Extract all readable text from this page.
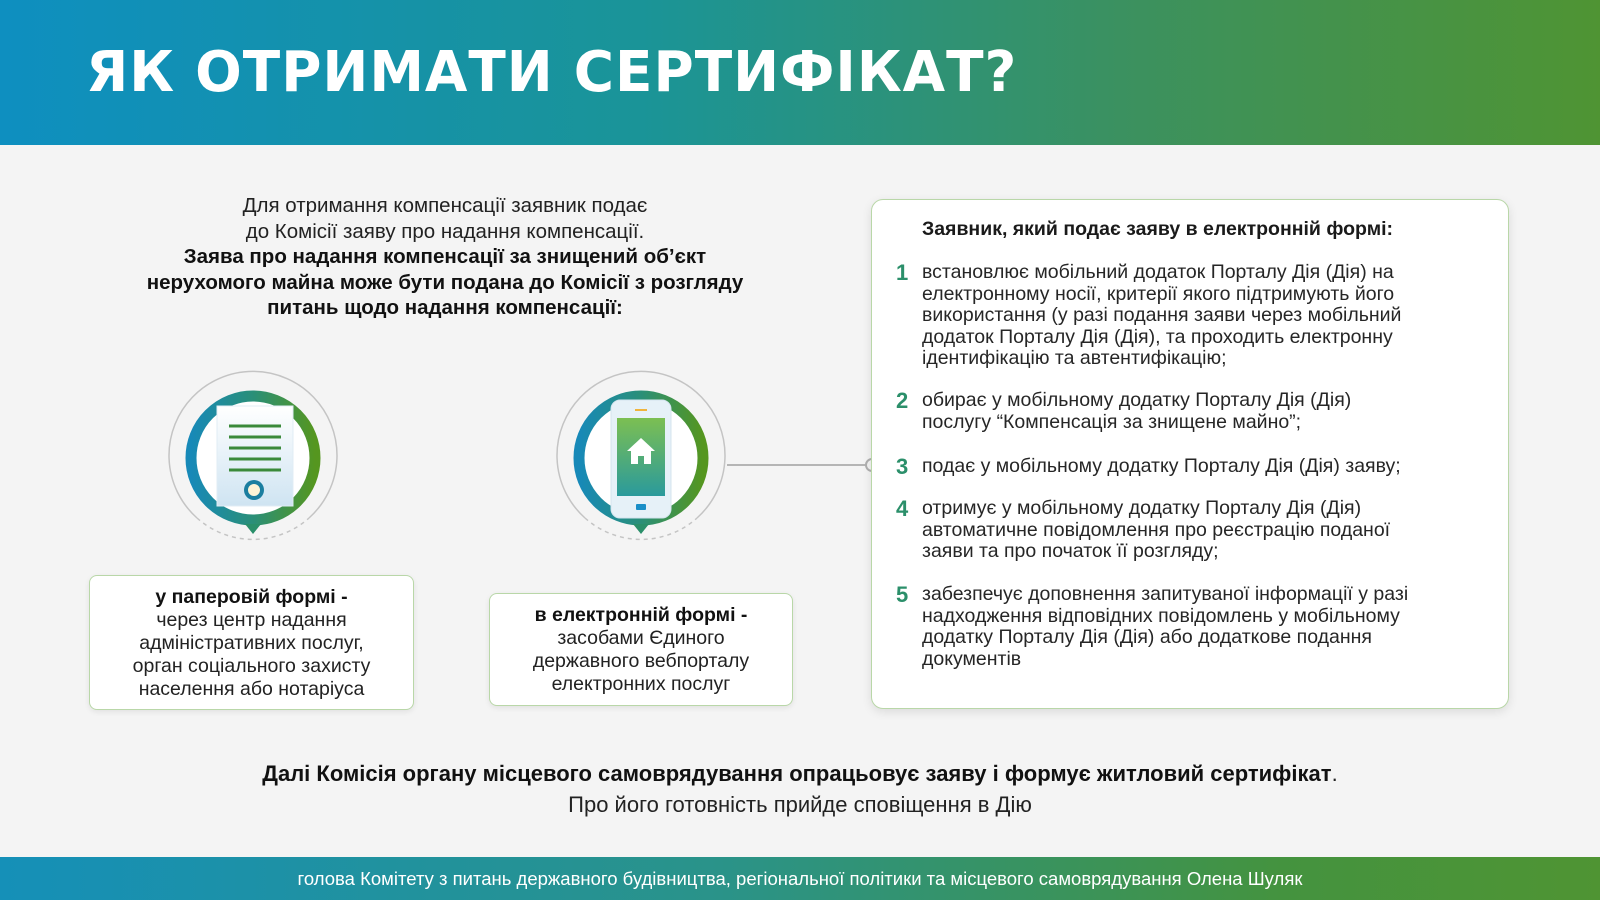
ЯК ОТРИМАТИ СЕРТИФІКАТ?
Для отримання компенсації заявник подає
до Комісії заяву про надання компенсації.
Заява про надання компенсації за знищений об’єкт
нерухомого майна може бути подана до Комісії з розгляду
питань щодо надання компенсації:
у паперовій формі -
через центр надання
адміністративних послуг,
орган соціального захисту
населення або нотаріуса
в електронній формі -
засобами Єдиного
державного вебпорталу
електронних послуг
Заявник, який подає заяву в електронній формі:
1 встановлює мобільний додаток Порталу Дія (Дія) на
електронному носії, критерії якого підтримують його
використання (у разі подання заяви через мобільний
додаток Порталу Дія (Дія), та проходить електронну
ідентифікацію та автентифікацію;
2 обирає у мобільному додатку Порталу Дія (Дія)
послугу “Компенсація за знищене майно”;
3 подає у мобільному додатку Порталу Дія (Дія) заяву;
4 отримує у мобільному додатку Порталу Дія (Дія)
автоматичне повідомлення про реєстрацію поданої
заяви та про початок її розгляду;
5 забезпечує доповнення запитуваної інформації у разі
надходження відповідних повідомлень у мобільному
додатку Порталу Дія (Дія) або додаткове подання
документів
Далі Комісія органу місцевого самоврядування опрацьовує заяву і формує житловий сертифікат.
Про його готовність прийде сповіщення в Дію
голова Комітету з питань державного будівництва, регіональної політики та місцевого самоврядування Олена Шуляк
